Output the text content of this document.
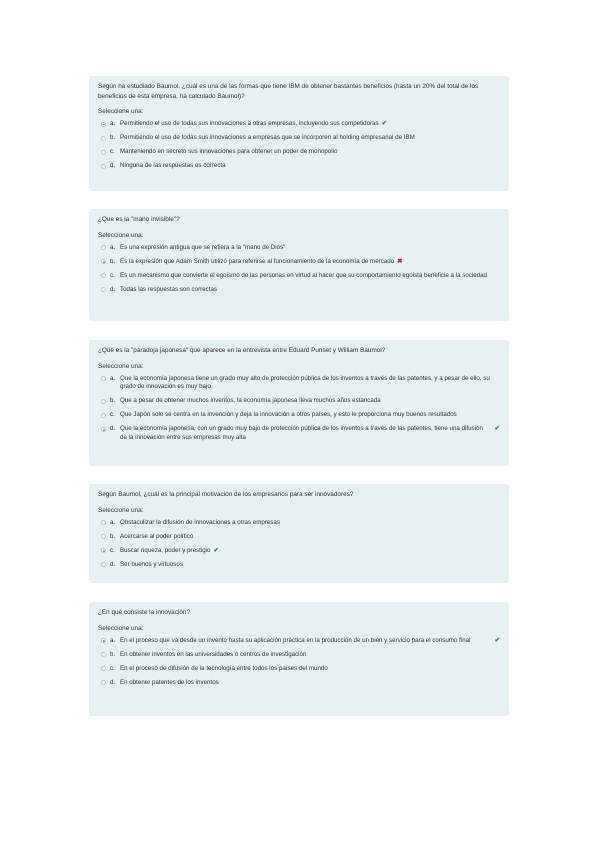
Según ha estudiado Baumol, ¿cuál es una de las formas que tiene IBM de obtener bastantes beneficios (hasta un 20% del total de los beneficios de esta empresa, ha calculado Baumol)?

Seleccione una:

a. Permitiendo el uso de todas sus innovaciones a otras empresas, incluyendo sus competidoras ✔
b. Permitiendo el uso de todas sus innovaciones a empresas que se incorporen al holding empresarial de IBM
c. Manteniendo en secreto sus innovaciones para obtener un poder de monopolio
d. Ninguna de las respuestas es correcta

¿Que es la "mano invisible"?

Seleccione una:

a. Es una expresión antigua que se refiera a la "mano de Dios"
b. Es la expresión que Adam Smith utilizó para referirse al funcionamiento de la economía de mercado ✖
c. Es un mecanismo que convierte el egoismo de las personas en virtud al hacer que su comportamiento egoista beneficie a la sociedad
d. Todas las respuestas son correctas

¿Qué es la "paradoja japonesa" que aparece en la entrevista entre Eduard Punset y William Baumol?

Seleccione una:

a. Que la economía japonesa tiene un grado muy alto de protección pública de los inventos a través de las patentes, y a pesar de ello, su grado de innovación es muy bajo
b. Que a pesar de obtener muchos inventos, la economía japonesa lleva muchos años estancada
c. Que Japón solo se centra en la invención y deja la innovación a otros países, y esto le proporciona muy buenos resultados
d. Que la economía japonesa, con un grado muy bajo de protección pública de los inventos a través de las patentes, tiene una difusión de la innovación entre sus empresas muy alta
✔

Según Baumol, ¿cuál es la principal motivación de los empresarios para ser innovadores?

Seleccione una:

a. Obstaculizar la difusión de innovaciones a otras empresas
b. Acercarse al poder político
c. Buscar riqueza, poder y prestigio ✔
d. Ser buenos y virtuosos

¿En qué consiste la innovación?

Seleccione una:

a. En el proceso que va desde un invento hasta su aplicación práctica en la producción de un bien y servicio para el consumo final	✔
b. En obtener inventos en las universidades o centros de investigación
c. En el proceso de difusión de la tecnología entre todos los países del mundo
d. En obtener patentes de los inventos
